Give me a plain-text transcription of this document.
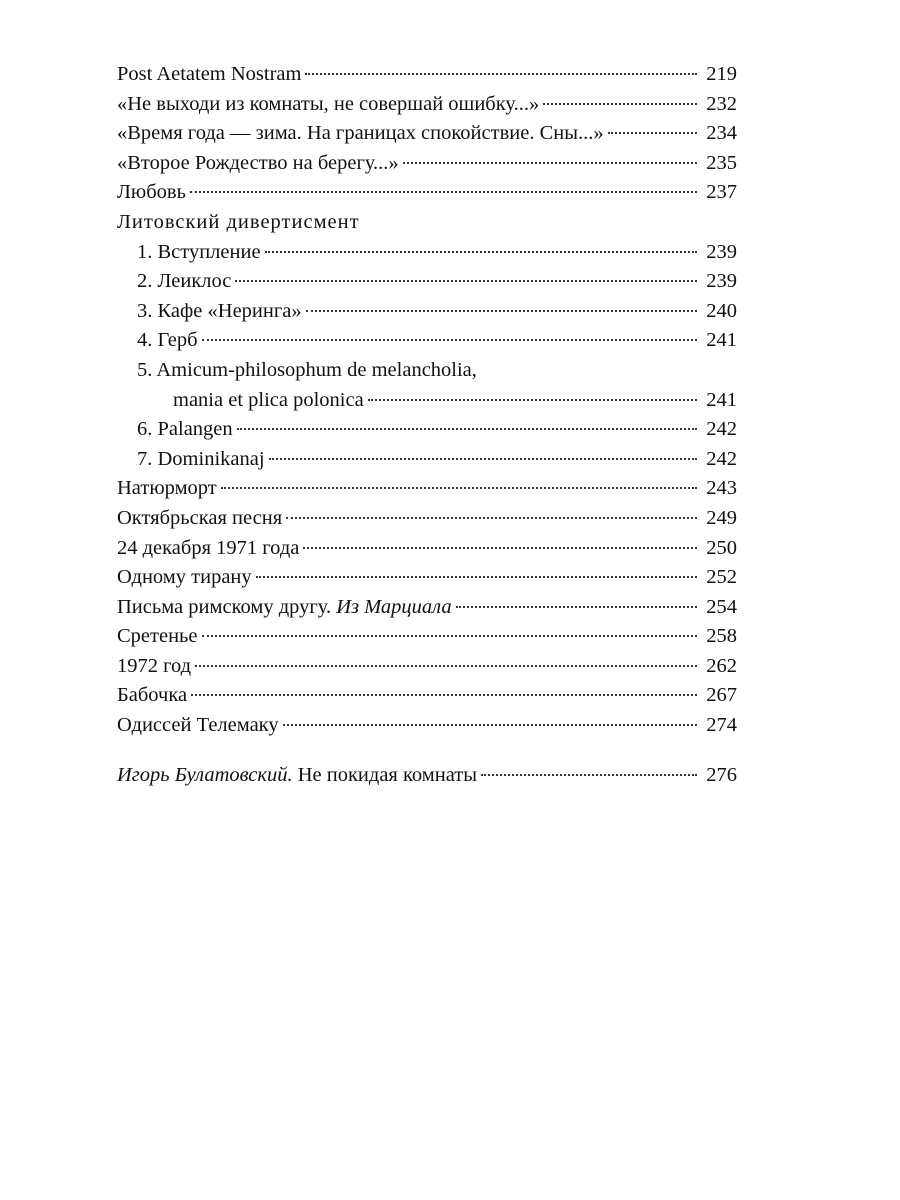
Post Aetatem Nostram	219
«Не выходи из комнаты, не совершай ошибку...»	232
«Время года — зима. На границах спокойствие. Сны...»	234
«Второе Рождество на берегу...»	235
Любовь	237
Литовский дивертисмент
1. Вступление	239
2. Леиклос	239
3. Кафе «Неринга»	240
4. Герб	241
5. Amicum-philosophum de melancholia,
mania et plica polonica	241
6. Palangen	242
7. Dominikanaj	242
Натюрморт	243
Октябрьская песня	249
24 декабря 1971 года	250
Одному тирану	252
Письма римскому другу. Из Марциала	254
Сретенье	258
1972 год	262
Бабочка	267
Одиссей Телемаку	274
Игорь Булатовский. Не покидая комнаты	276
